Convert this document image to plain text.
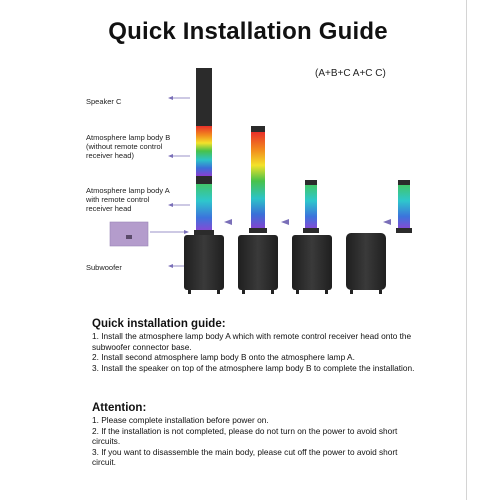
Quick Installation Guide
(A+B+C A+C C)
Speaker C
Atmosphere lamp body B
(without remote control
receiver head)
Atmosphere lamp body A
with remote control
receiver head
Subwoofer
Quick installation guide:

1. Install the atmosphere lamp body A which with remote control receiver head onto the subwoofer connector base.

2. Install second atmosphere lamp body B onto the atmosphere lamp A.

3. Install the speaker on top of the atmosphere lamp body B to complete the installation.

Attention:

1. Please complete installation before power on.

2. If the installation is not completed, please do not turn on the power to avoid short circuits.

3. If you want to disassemble the main body, please cut off the power to avoid short circuit.
